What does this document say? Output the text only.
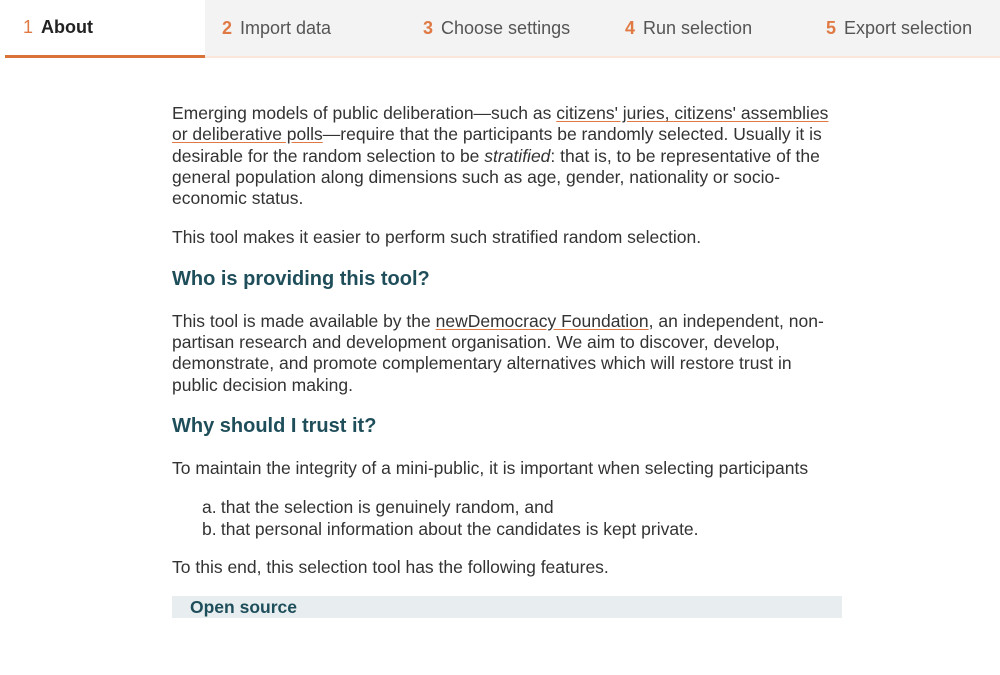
1 About	2 Import data	3 Choose settings	4 Run selection	5 Export selection

Emerging models of public deliberation—such as citizens' juries, citizens' assemblies or deliberative polls—require that the participants be randomly selected. Usually it is desirable for the random selection to be stratified: that is, to be representative of the general population along dimensions such as age, gender, nationality or socio-economic status.

This tool makes it easier to perform such stratified random selection.

Who is providing this tool?

This tool is made available by the newDemocracy Foundation, an independent, non-partisan research and development organisation. We aim to discover, develop, demonstrate, and promote complementary alternatives which will restore trust in public decision making.

Why should I trust it?

To maintain the integrity of a mini-public, it is important when selecting participants

a. that the selection is genuinely random, and
b. that personal information about the candidates is kept private.

To this end, this selection tool has the following features.

Open source
